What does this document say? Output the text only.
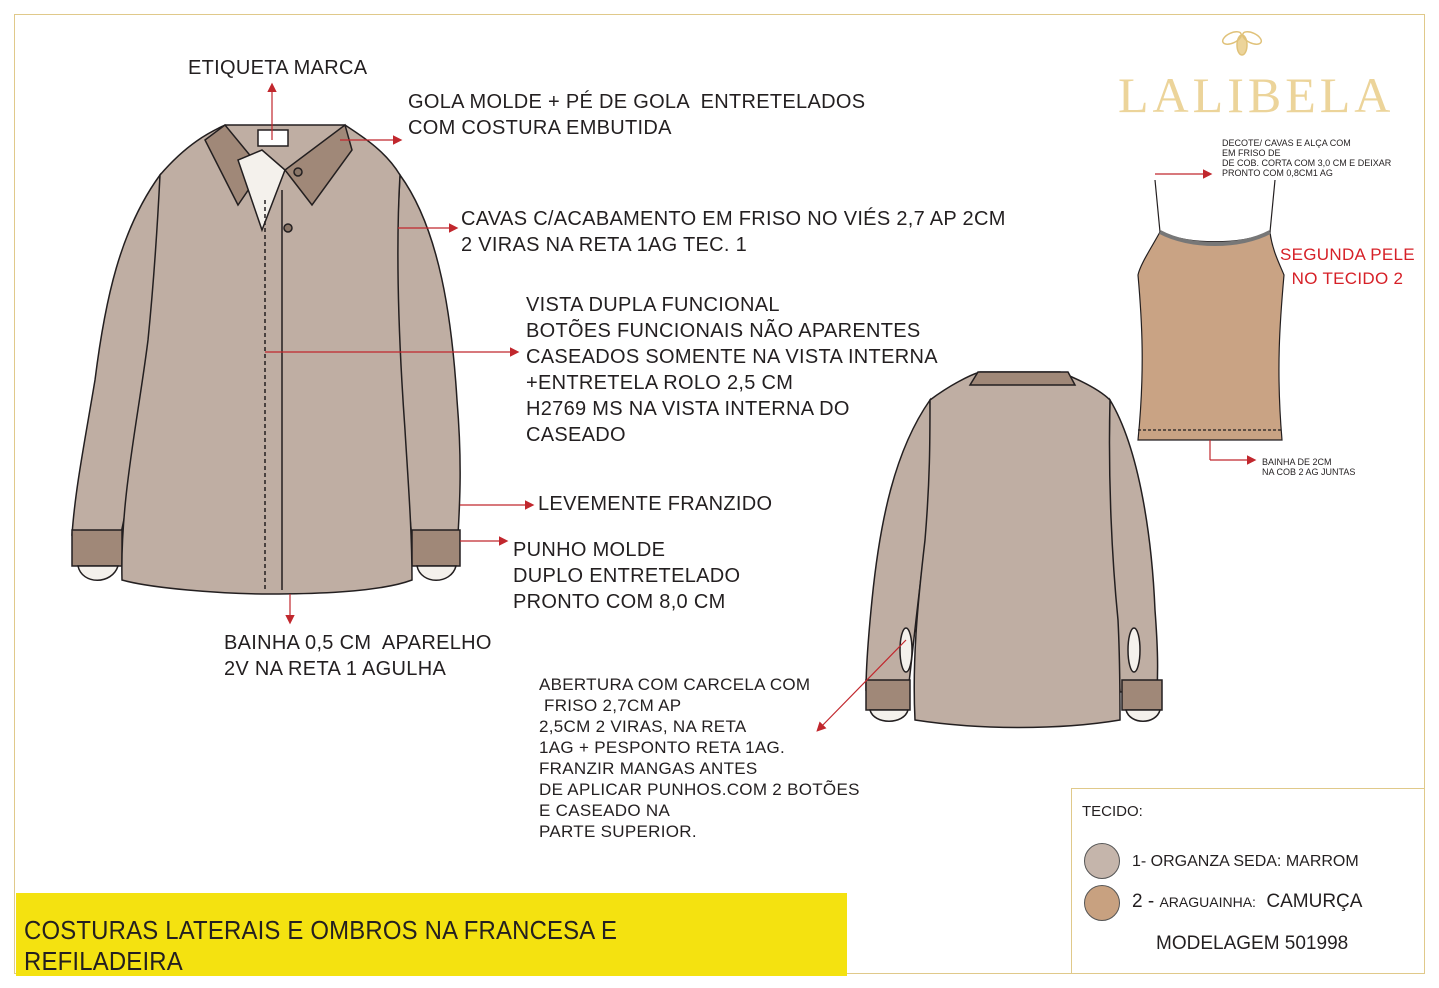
LALIBELA
ETIQUETA MARCA
GOLA MOLDE + PÉ DE GOLA  ENTRETELADOS
COM COSTURA EMBUTIDA
CAVAS C/ACABAMENTO EM FRISO NO VIÉS 2,7 AP 2CM
2 VIRAS NA RETA 1AG TEC. 1
VISTA DUPLA FUNCIONAL
BOTÕES FUNCIONAIS NÃO APARENTES
CASEADOS SOMENTE NA VISTA INTERNA
+ENTRETELA ROLO 2,5 CM
H2769 MS NA VISTA INTERNA DO
CASEADO
LEVEMENTE FRANZIDO
PUNHO MOLDE
DUPLO ENTRETELADO
PRONTO COM 8,0 CM
BAINHA 0,5 CM  APARELHO
2V NA RETA 1 AGULHA
ABERTURA COM CARCELA COM
FRISO 2,7CM AP
2,5CM 2 VIRAS, NA RETA
1AG + PESPONTO RETA 1AG.
FRANZIR MANGAS ANTES
DE APLICAR PUNHOS.COM 2 BOTÕES
E CASEADO NA
PARTE SUPERIOR.
DECOTE/ CAVAS E ALÇA COM
EM FRISO DE
DE COB. CORTA COM 3,0 CM E DEIXAR
PRONTO COM 0,8CM1 AG
SEGUNDA PELE
NO TECIDO 2
BAINHA DE 2CM
NA COB 2 AG JUNTAS
COSTURAS LATERAIS E OMBROS NA FRANCESA E REFILADEIRA
TECIDO:
1- ORGANZA SEDA: MARROM
2 - ARAGUAINHA: CAMURÇA
MODELAGEM 501998
